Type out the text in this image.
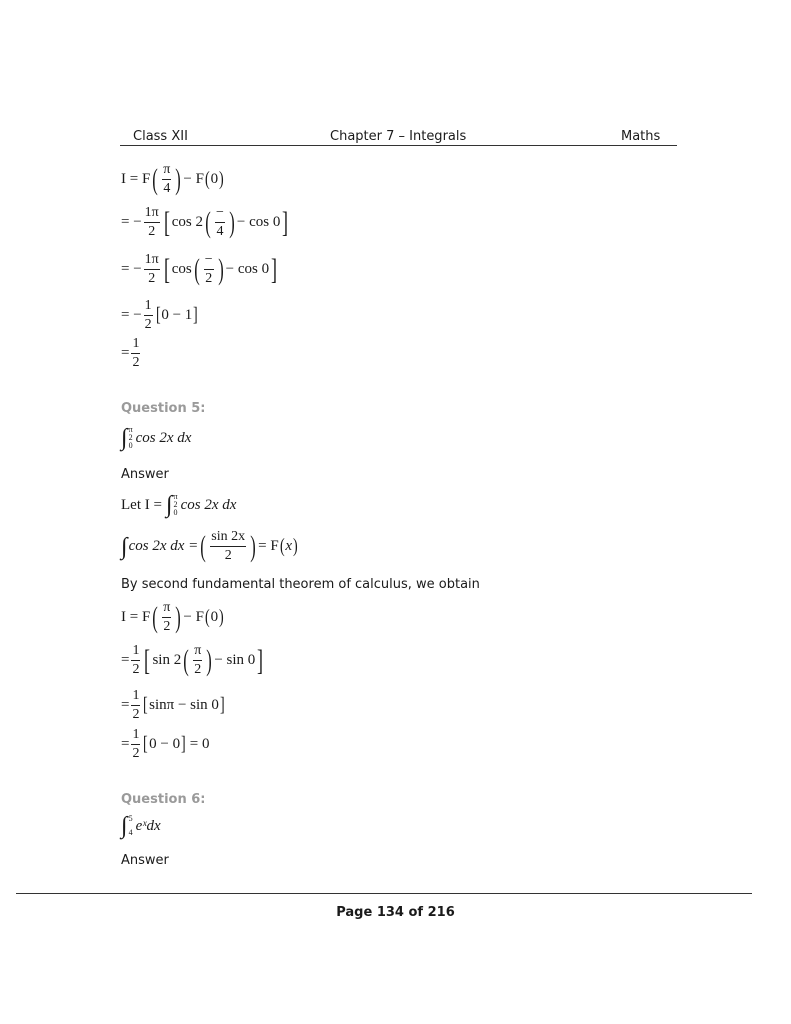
Class XII	Chapter 7 – Integrals	Maths
I = F ( $\frac{\pi}{4}$ ) − F ( 0 )
= − $\frac{1\pi}{2}$ [ cos 2 ( $\frac{-}{4}$ ) − cos 0 ]
= − $\frac{1\pi}{2}$ [ cos ( $\frac{-}{2}$ ) − cos 0 ]
= − $\frac{1}{2}$ [ 0 − 1 ]
= $\frac{1}{2}$
Question 5:
∫ π
2
0 cos 2x dx
Answer
Let I = ∫ π
2
0 cos 2x dx
∫ cos 2x dx = ( $\frac{\sin 2x}{2}$ ) = F ( x )
By second fundamental theorem of calculus, we obtain
I = F ( $\frac{\pi}{2}$ ) − F ( 0 )
= $\frac{1}{2}$ [ sin 2 ( $\frac{\pi}{2}$ ) − sin 0 ]
= $\frac{1}{2}$ [ sinπ − sin 0 ]
= $\frac{1}{2}$ [ 0 − 0 ] = 0
Question 6:
∫ 5
4 eˣdx
Answer
Page 134 of 216
